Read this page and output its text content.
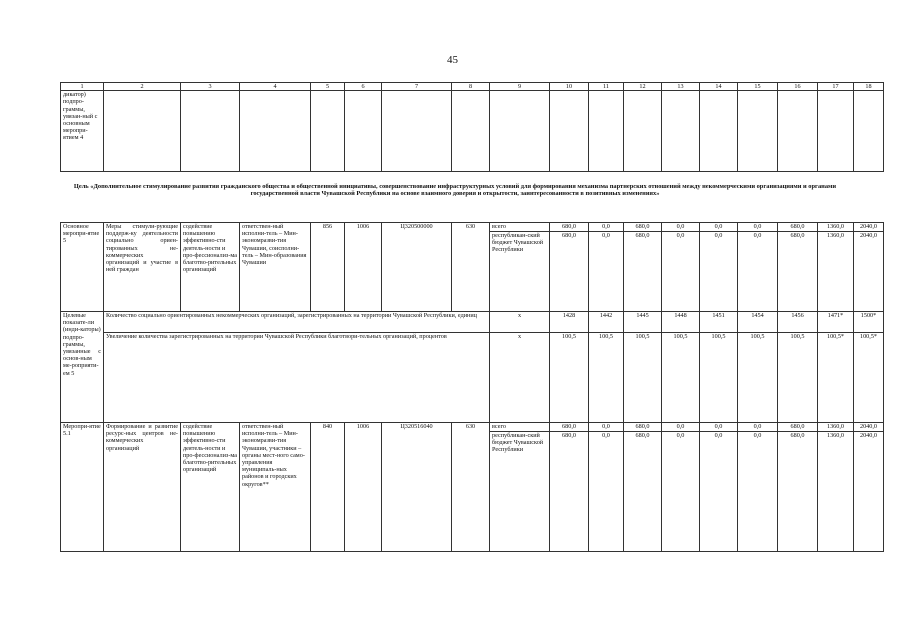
45
1	2	3	4	5	6	7	8	9	10	11	12	13	14	15	16	17	18
дикатор) подпро-граммы, увязан-ный с основным меропри-ятием 4																	
Цель «Дополнительное стимулирование развития гражданского общества и общественной инициативы, совершенствование инфраструктурных условий для формирования механизма партнерских отношений между некоммерческими организациями и органами государственной власти Чувашской Республики на основе взаимного доверия и открытости, заинтересованности в позитивных изменениях»
Основное меропри-ятие 5	Меры стимули-рующие поддерж-ку деятельности социально ориен-тированных не-коммерческих организаций и участие в ней граждан	содействие повышению эффективно-сти деятель-ности и про-фессионализ-ма благотво-рительных организаций	ответствен-ный исполни-тель – Мин-экономразви-тия Чувашии, соисполни-тель – Мин-образования Чувашии	856	1006	Ц320500000	630	всего	680,0	0,0	680,0	0,0	0,0	0,0	680,0	1360,0	2040,0
								республикан-ский бюджет Чувашской Республики	680,0	0,0	680,0	0,0	0,0	0,0	680,0	1360,0	2040,0
Целевые показате-ли (инди-каторы) подпро-граммы, увязанные с основ-ным ме-роприяти-ем 5	Количество социально ориентированных некоммерческих организаций, зарегистрированных на территории Чувашской Республики, единиц							х	1428	1442	1445	1448	1451	1454	1456	1471*	1500*
	Увеличение количества зарегистрированных на территории Чувашской Республики благотвори-тельных организаций, процентов							х	100,5	100,5	100,5	100,5	100,5	100,5	100,5	100,5*	100,5*
Меропри-ятие 5.1	Формирование и развитие ресурс-ных центров не-коммерческих организаций	содействие повышению эффективно-сти деятель-ности и про-фессионализ-ма благотво-рительных организаций	ответствен-ный исполни-тель – Мин-экономразви-тия Чувашии, участники – органы мест-ного само-управления муниципаль-ных районов и городских округов**	840	1006	Ц320516040	630	всего	680,0	0,0	680,0	0,0	0,0	0,0	680,0	1360,0	2040,0
								республикан-ский бюджет Чувашской Республики	680,0	0,0	680,0	0,0	0,0	0,0	680,0	1360,0	2040,0
